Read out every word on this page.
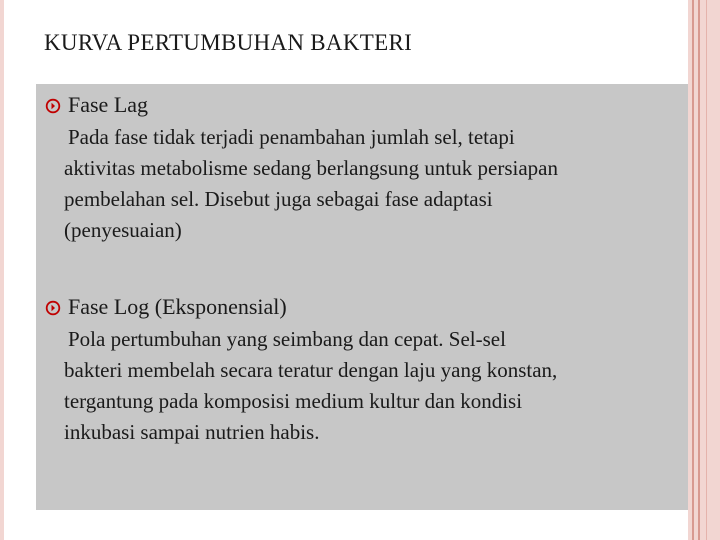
KURVA PERTUMBUHAN BAKTERI
Fase Lag
Pada fase tidak terjadi penambahan jumlah sel, tetapi
aktivitas metabolisme sedang berlangsung untuk persiapan
pembelahan sel. Disebut juga sebagai fase adaptasi
(penyesuaian)
Fase Log (Eksponensial)
Pola pertumbuhan yang seimbang dan cepat. Sel-sel
bakteri membelah secara teratur dengan laju yang konstan,
tergantung pada komposisi medium kultur dan kondisi
inkubasi sampai nutrien habis.
